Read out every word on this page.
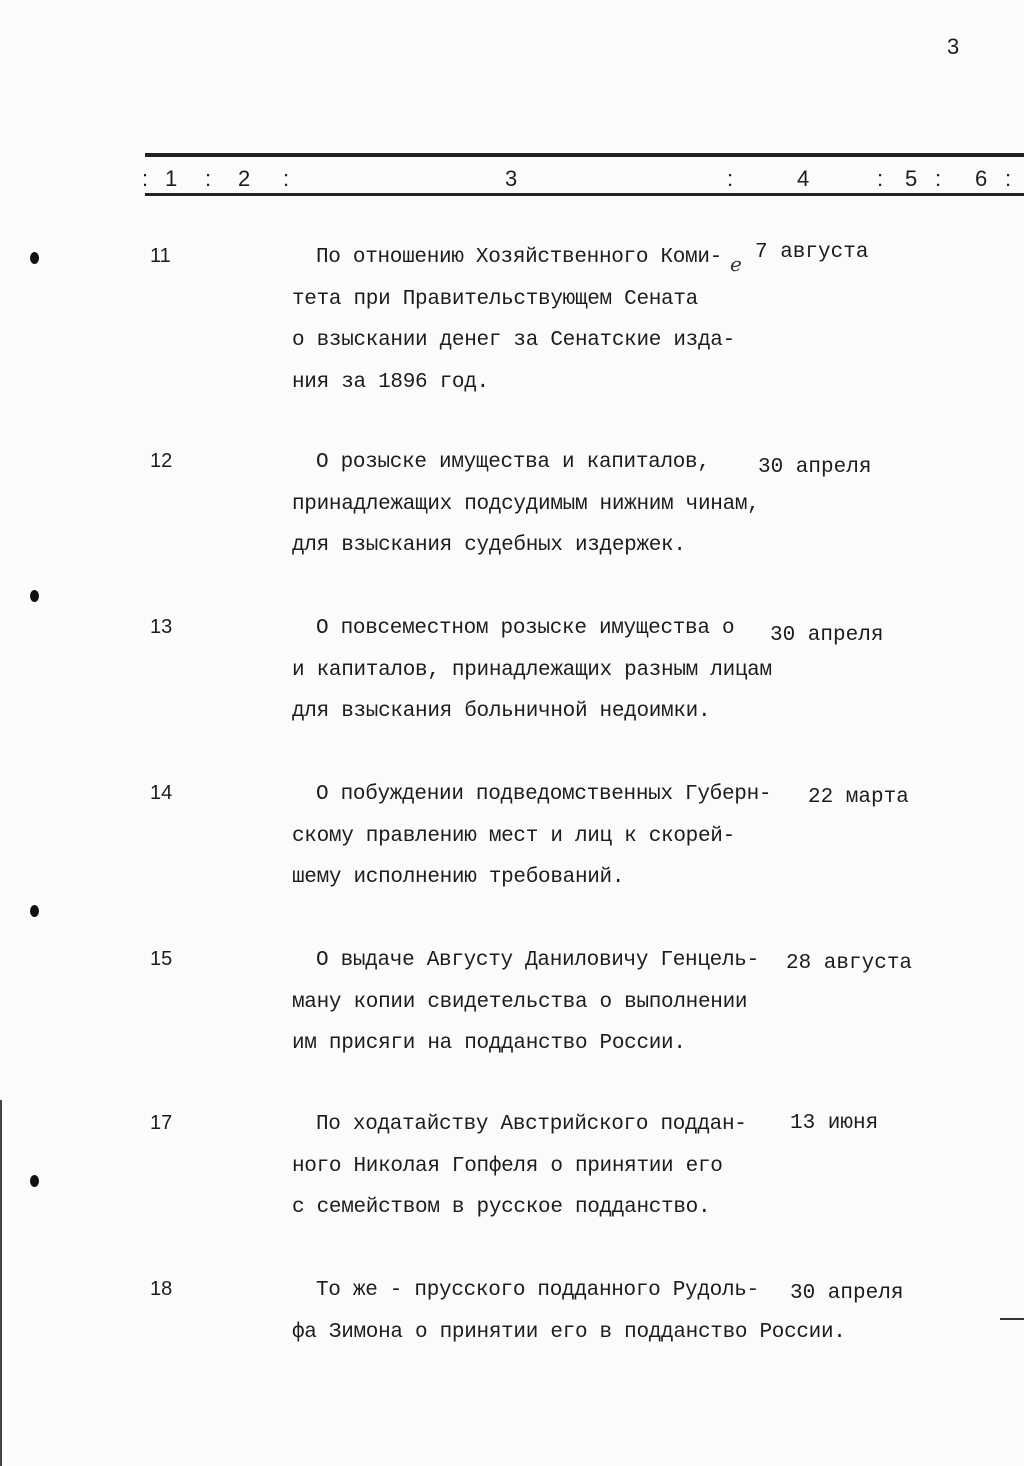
3
: 1 : 2 :	3	:	4	: 5 : 6 :
е
11	По отношению Хозяйственного Коми-
тета при Правительствующем Сената
о взыскании денег за Сенатские изда-
ния за 1896 год.
7 августа
12	О розыске имущества и капиталов,
принадлежащих подсудимым нижним чинам,
для взыскания судебных издержек.
30 апреля
13	О повсеместном розыске имущества о
и капиталов, принадлежащих разным лицам
для взыскания больничной недоимки.
30 апреля
14	О побуждении подведомственных Губерн-
скому правлению мест и лиц к скорей-
шему исполнению требований.
22 марта
15	О выдаче Августу Даниловичу Генцель-
ману копии свидетельства о выполнении
им присяги на подданство России.
28 августа
17	По ходатайству Австрийского поддан-
ного Николая Гопфеля о принятии его
с семейством в русское подданство.
13 июня
18	То же - прусского подданного Рудоль-
фа Зимона о принятии его в подданство России.
30 апреля
